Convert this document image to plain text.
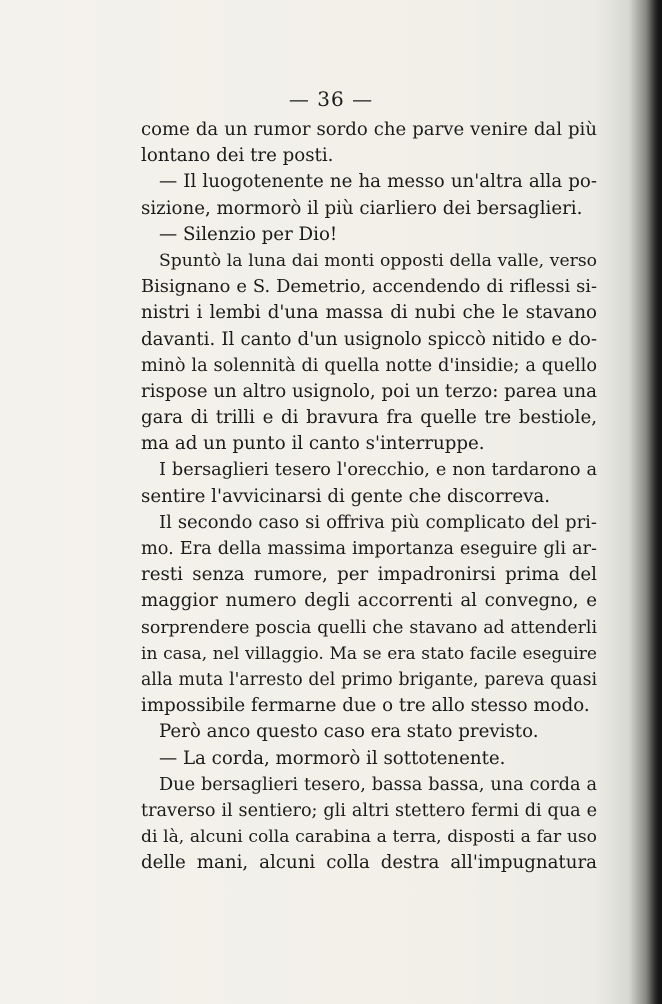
— 36 —
come da un rumor sordo che parve venire dal più
lontano dei tre posti.
— Il luogotenente ne ha messo un'altra alla po-
sizione, mormorò il più ciarliero dei bersaglieri.
— Silenzio per Dio!
Spuntò la luna dai monti opposti della valle, verso
Bisignano e S. Demetrio, accendendo di riflessi si-
nistri i lembi d'una massa di nubi che le stavano
davanti. Il canto d'un usignolo spiccò nitido e do-
minò la solennità di quella notte d'insidie; a quello
rispose un altro usignolo, poi un terzo: parea una
gara di trilli e di bravura fra quelle tre bestiole,
ma ad un punto il canto s'interruppe.
I bersaglieri tesero l'orecchio, e non tardarono a
sentire l'avvicinarsi di gente che discorreva.
Il secondo caso si offriva più complicato del pri-
mo. Era della massima importanza eseguire gli ar-
resti senza rumore, per impadronirsi prima del
maggior numero degli accorrenti al convegno, e
sorprendere poscia quelli che stavano ad attenderli
in casa, nel villaggio. Ma se era stato facile eseguire
alla muta l'arresto del primo brigante, pareva quasi
impossibile fermarne due o tre allo stesso modo.
Però anco questo caso era stato previsto.
— La corda, mormorò il sottotenente.
Due bersaglieri tesero, bassa bassa, una corda a
traverso il sentiero; gli altri stettero fermi di qua e
di là, alcuni colla carabina a terra, disposti a far uso
delle mani, alcuni colla destra all'impugnatura
